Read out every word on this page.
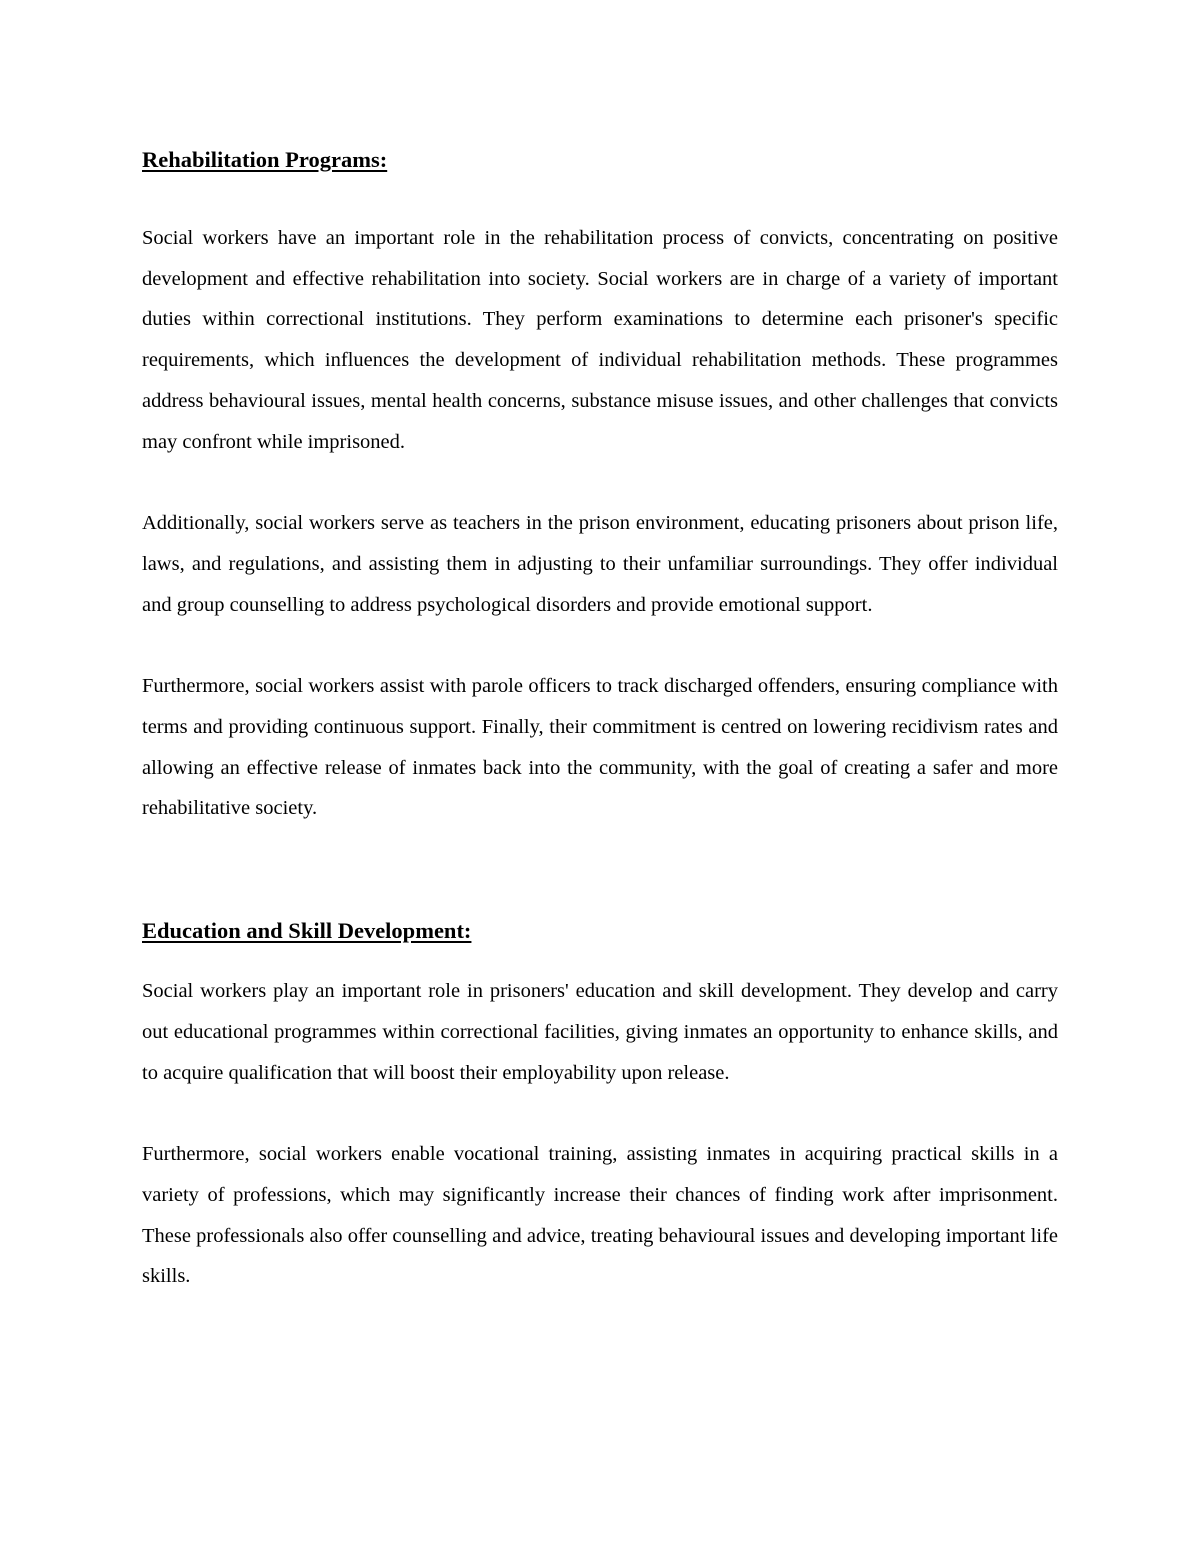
Rehabilitation Programs:

Social workers have an important role in the rehabilitation process of convicts, concentrating on positive development and effective rehabilitation into society. Social workers are in charge of a variety of important duties within correctional institutions. They perform examinations to determine each prisoner's specific requirements, which influences the development of individual rehabilitation methods. These programmes address behavioural issues, mental health concerns, substance misuse issues, and other challenges that convicts may confront while imprisoned.

Additionally, social workers serve as teachers in the prison environment, educating prisoners about prison life, laws, and regulations, and assisting them in adjusting to their unfamiliar surroundings. They offer individual and group counselling to address psychological disorders and provide emotional support.

Furthermore, social workers assist with parole officers to track discharged offenders, ensuring compliance with terms and providing continuous support. Finally, their commitment is centred on lowering recidivism rates and allowing an effective release of inmates back into the community, with the goal of creating a safer and more rehabilitative society.

Education and Skill Development:

Social workers play an important role in prisoners' education and skill development. They develop and carry out educational programmes within correctional facilities, giving inmates an opportunity to enhance skills, and to acquire qualification that will boost their employability upon release.

Furthermore, social workers enable vocational training, assisting inmates in acquiring practical skills in a variety of professions, which may significantly increase their chances of finding work after imprisonment. These professionals also offer counselling and advice, treating behavioural issues and developing important life skills.
